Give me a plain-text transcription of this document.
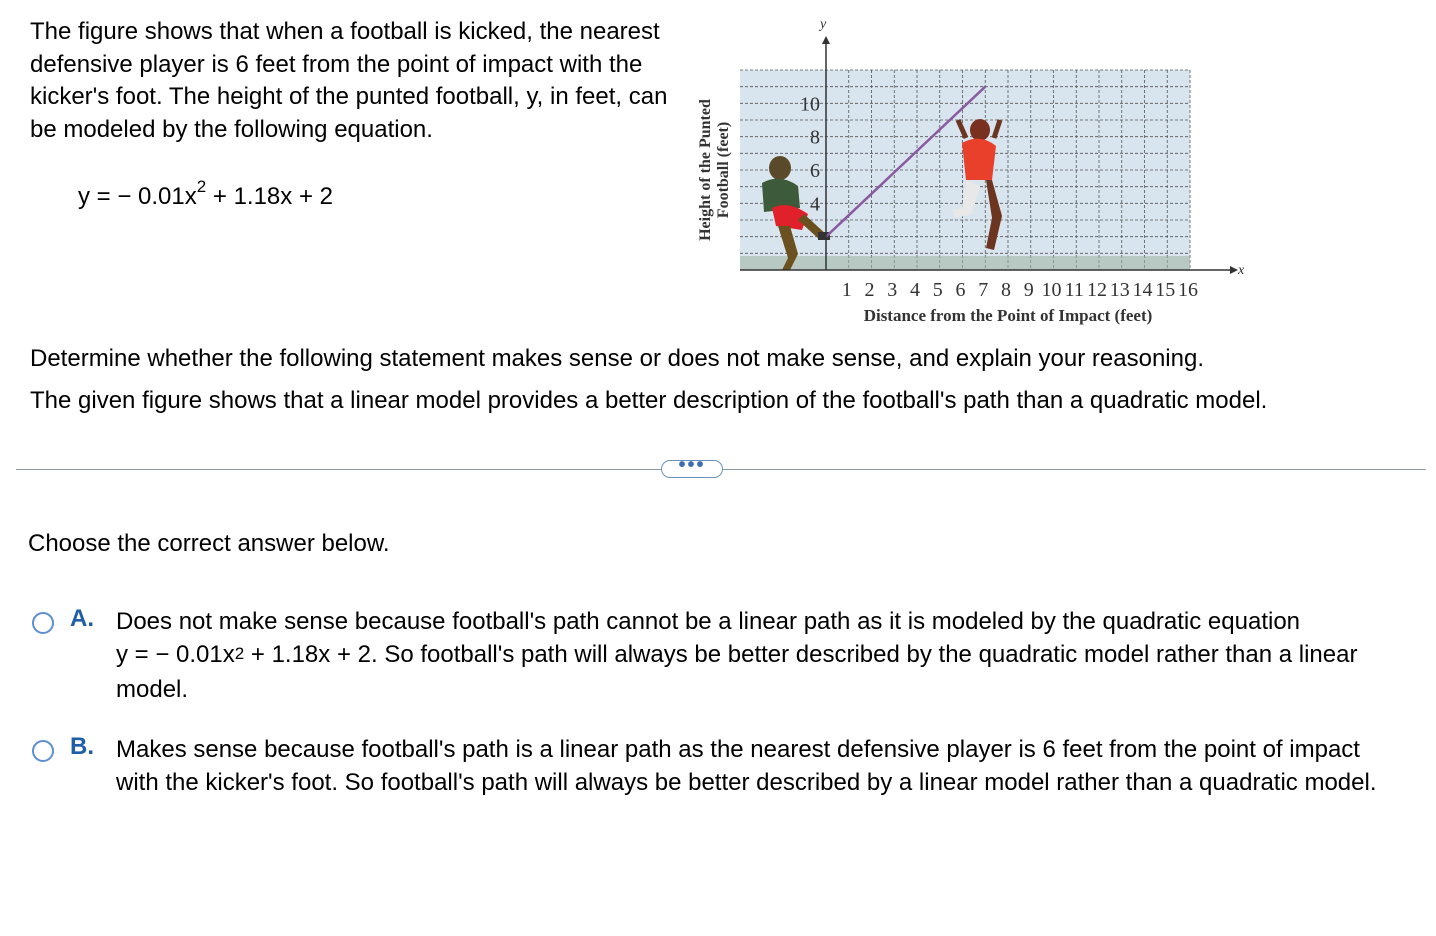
The figure shows that when a football is kicked, the nearest defensive player is 6 feet from the point of impact with the kicker's foot. The height of the punted football, y, in feet, can be modeled by the following equation.
y = − $0.01x^2 + 1.18x + 2$
1 2 3 4 5 6 7 8 9 10 11 12 13 14 15 16
4
6
8
10
Distance from the Point of Impact (feet)
Height of the Punted Football (feet)
x
y
Determine whether the following statement makes sense or does not make sense, and explain your reasoning.
The given figure shows that a linear model provides a better description of the football's path than a quadratic model.
•••
Choose the correct answer below.
A. Does not make sense because football's path cannot be a linear path as it is modeled by the quadratic equation
y = − $0.01x^2 + 1.18x + 2$. So football's path will always be better described by the quadratic model rather than a linear model.
B. Makes sense because football's path is a linear path as the nearest defensive player is 6 feet from the point of impact with the kicker's foot. So football's path will always be better described by a linear model rather than a quadratic model.
